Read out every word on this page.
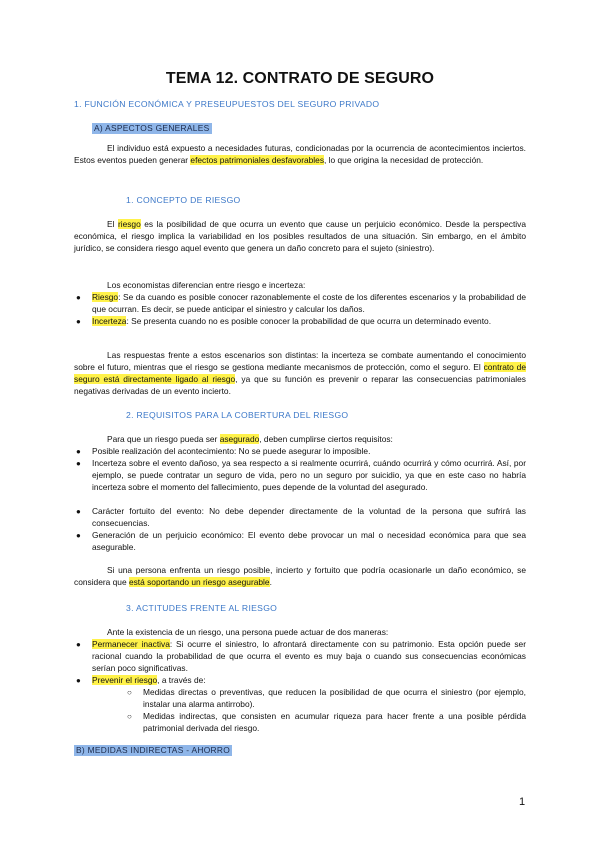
TEMA 12. CONTRATO DE SEGURO
1. FUNCIÓN ECONÓMICA Y PRESEUPUESTOS DEL SEGURO PRIVADO
A) ASPECTOS GENERALES
El individuo está expuesto a necesidades futuras, condicionadas por la ocurrencia de acontecimientos inciertos. Estos eventos pueden generar efectos patrimoniales desfavorables, lo que origina la necesidad de protección.
1. CONCEPTO DE RIESGO
El riesgo es la posibilidad de que ocurra un evento que cause un perjuicio económico. Desde la perspectiva económica, el riesgo implica la variabilidad en los posibles resultados de una situación. Sin embargo, en el ámbito jurídico, se considera riesgo aquel evento que genera un daño concreto para el sujeto (siniestro).
Los economistas diferencian entre riesgo e incerteza:
● Riesgo: Se da cuando es posible conocer razonablemente el coste de los diferentes escenarios y la probabilidad de que ocurran. Es decir, se puede anticipar el siniestro y calcular los daños.
● Incerteza: Se presenta cuando no es posible conocer la probabilidad de que ocurra un determinado evento.
Las respuestas frente a estos escenarios son distintas: la incerteza se combate aumentando el conocimiento sobre el futuro, mientras que el riesgo se gestiona mediante mecanismos de protección, como el seguro. El contrato de seguro está directamente ligado al riesgo, ya que su función es prevenir o reparar las consecuencias patrimoniales negativas derivadas de un evento incierto.
2. REQUISITOS PARA LA COBERTURA DEL RIESGO
Para que un riesgo pueda ser asegurado, deben cumplirse ciertos requisitos:
● Posible realización del acontecimiento: No se puede asegurar lo imposible.
● Incerteza sobre el evento dañoso, ya sea respecto a si realmente ocurrirá, cuándo ocurrirá y cómo ocurrirá. Así, por ejemplo, se puede contratar un seguro de vida, pero no un seguro por suicidio, ya que en este caso no habría incerteza sobre el momento del fallecimiento, pues depende de la voluntad del asegurado.
● Carácter fortuito del evento: No debe depender directamente de la voluntad de la persona que sufrirá las consecuencias.
● Generación de un perjuicio económico: El evento debe provocar un mal o necesidad económica para que sea asegurable.
Si una persona enfrenta un riesgo posible, incierto y fortuito que podría ocasionarle un daño económico, se considera que está soportando un riesgo asegurable.
3. ACTITUDES FRENTE AL RIESGO
Ante la existencia de un riesgo, una persona puede actuar de dos maneras:
● Permanecer inactiva: Si ocurre el siniestro, lo afrontará directamente con su patrimonio. Esta opción puede ser racional cuando la probabilidad de que ocurra el evento es muy baja o cuando sus consecuencias económicas serían poco significativas.
● Prevenir el riesgo, a través de:
○ Medidas directas o preventivas, que reducen la posibilidad de que ocurra el siniestro (por ejemplo, instalar una alarma antirrobo).
○ Medidas indirectas, que consisten en acumular riqueza para hacer frente a una posible pérdida patrimonial derivada del riesgo.
B) MEDIDAS INDIRECTAS - AHORRO
1
